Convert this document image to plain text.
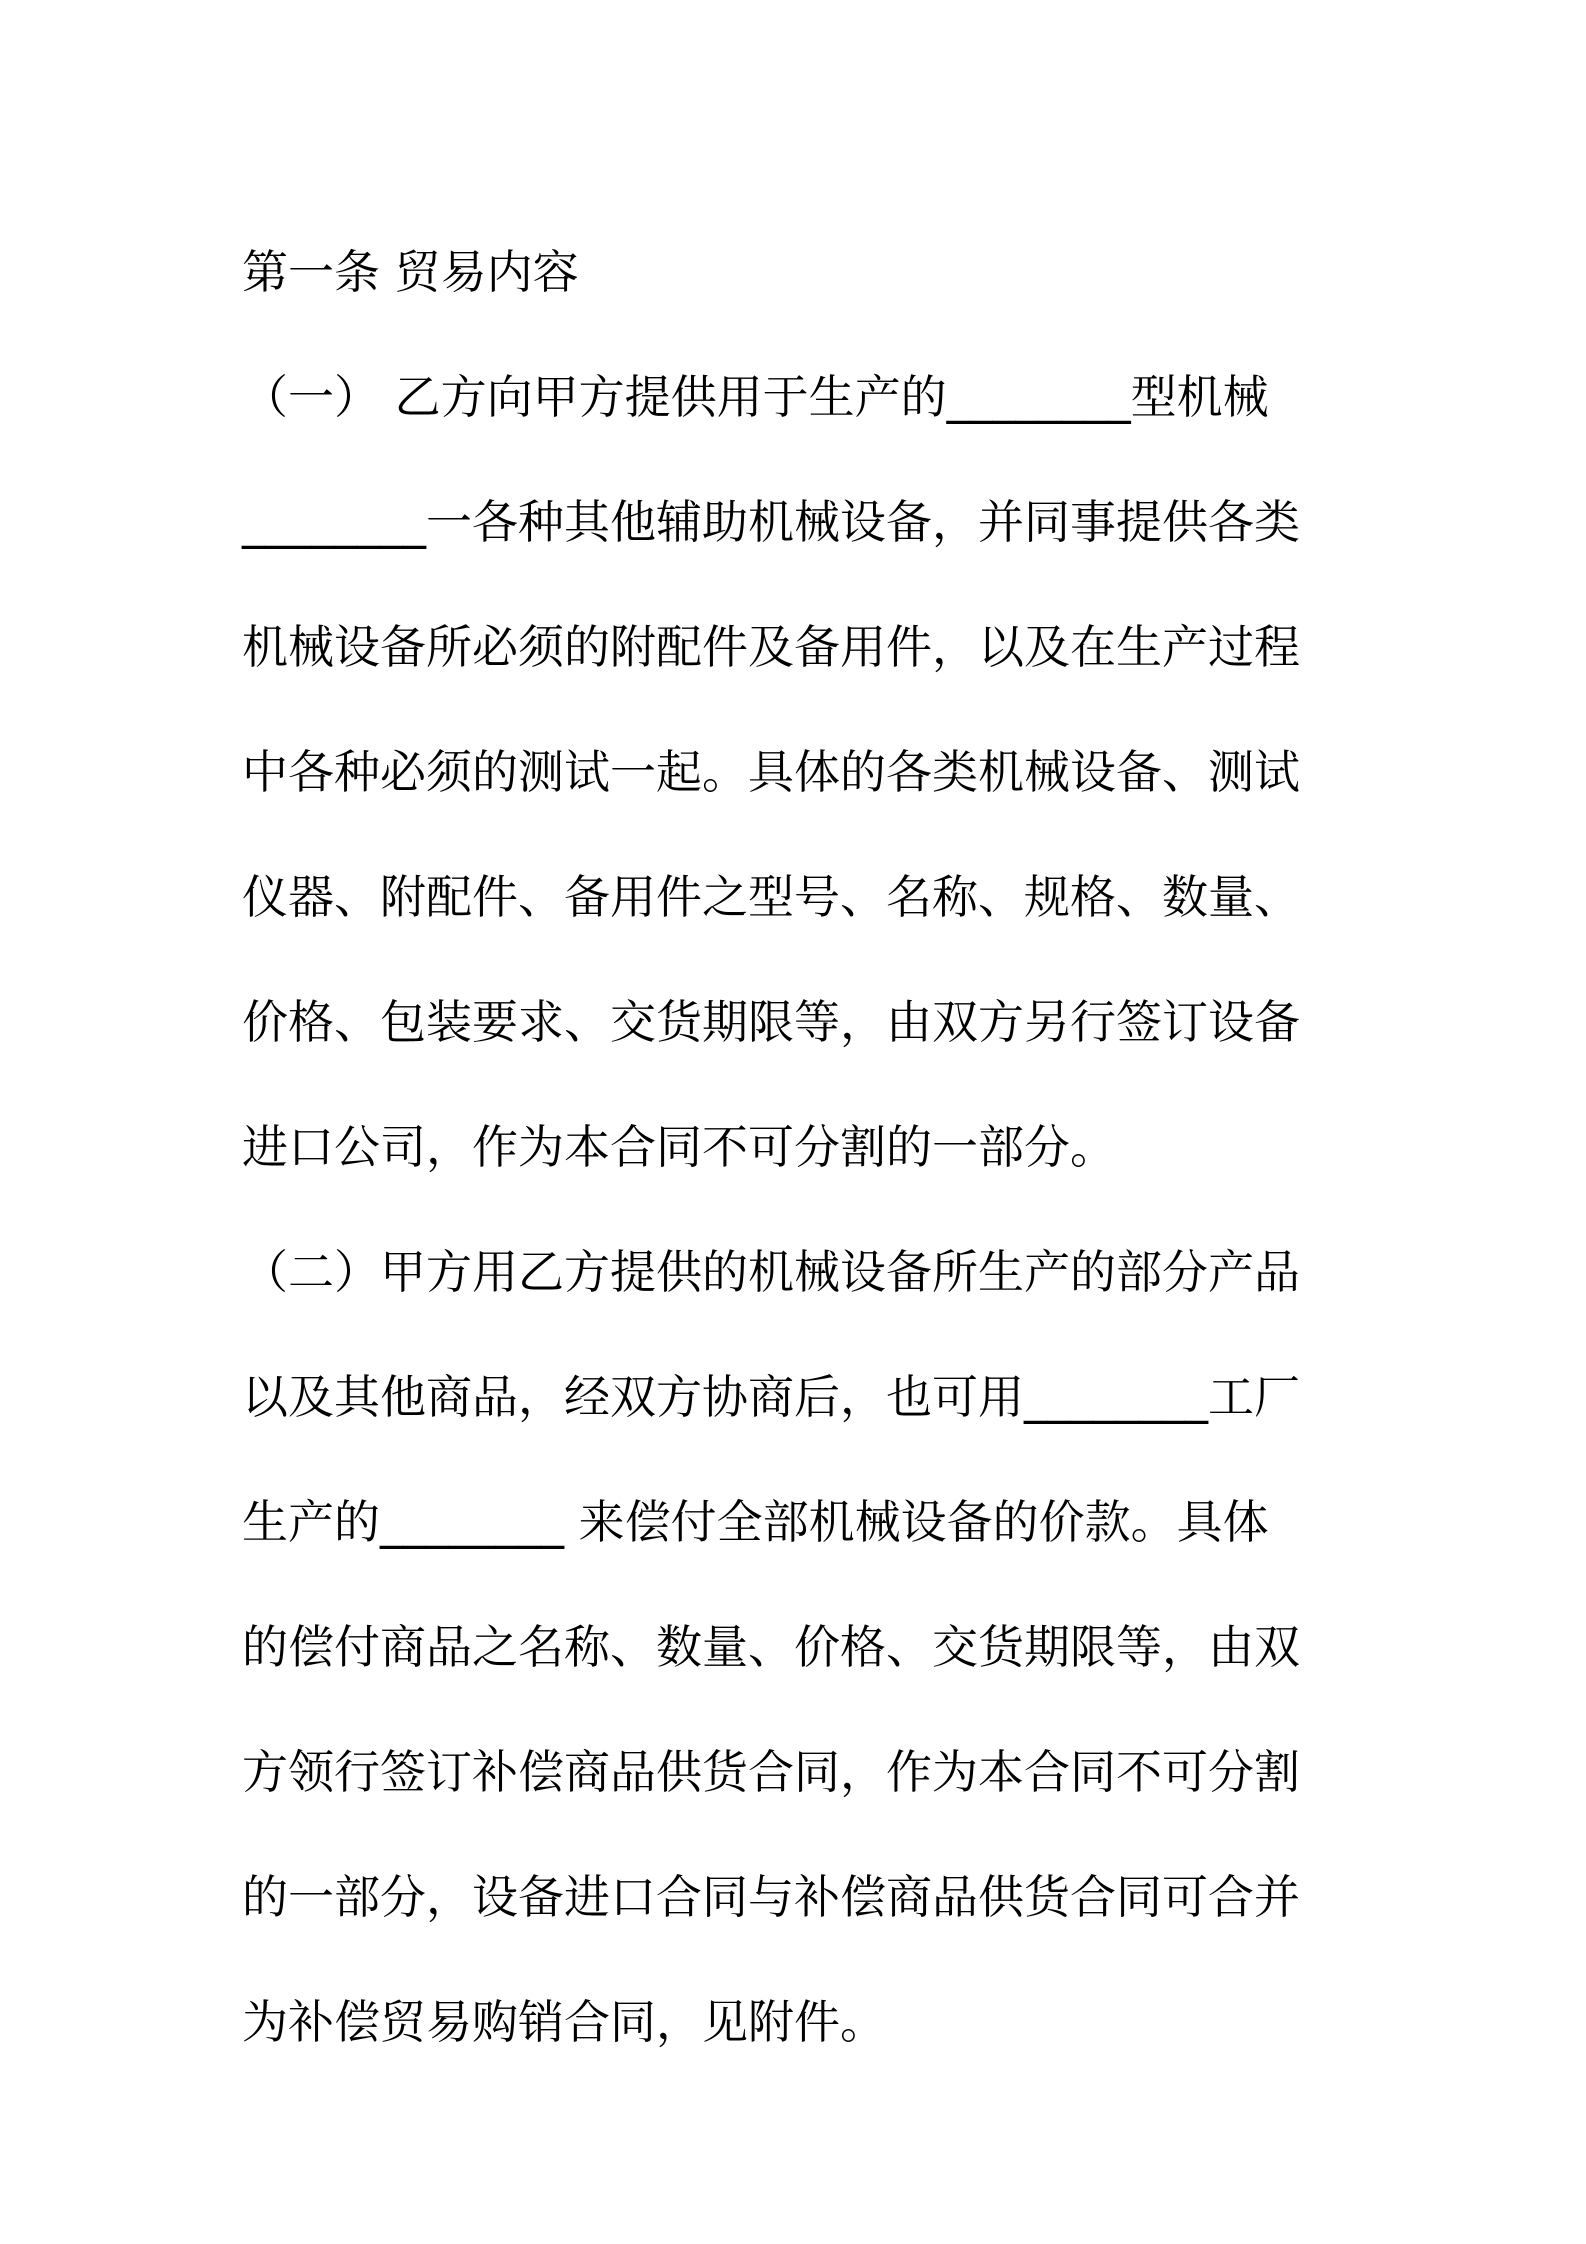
第一条 贸易内容
（一） 乙方向甲方提供用于生产的________型机械
________一各种其他辅助机械设备，并同事提供各类
机械设备所必须的附配件及备用件，以及在生产过程
中各种必须的测试一起。具体的各类机械设备、测试
仪器、附配件、备用件之型号、名称、规格、数量、
价格、包装要求、交货期限等，由双方另行签订设备
进口公司，作为本合同不可分割的一部分。
（二）甲方用乙方提供的机械设备所生产的部分产品
以及其他商品，经双方协商后，也可用________工厂
生产的________ 来偿付全部机械设备的价款。具体
的偿付商品之名称、数量、价格、交货期限等，由双
方领行签订补偿商品供货合同，作为本合同不可分割
的一部分，设备进口合同与补偿商品供货合同可合并
为补偿贸易购销合同，见附件。
